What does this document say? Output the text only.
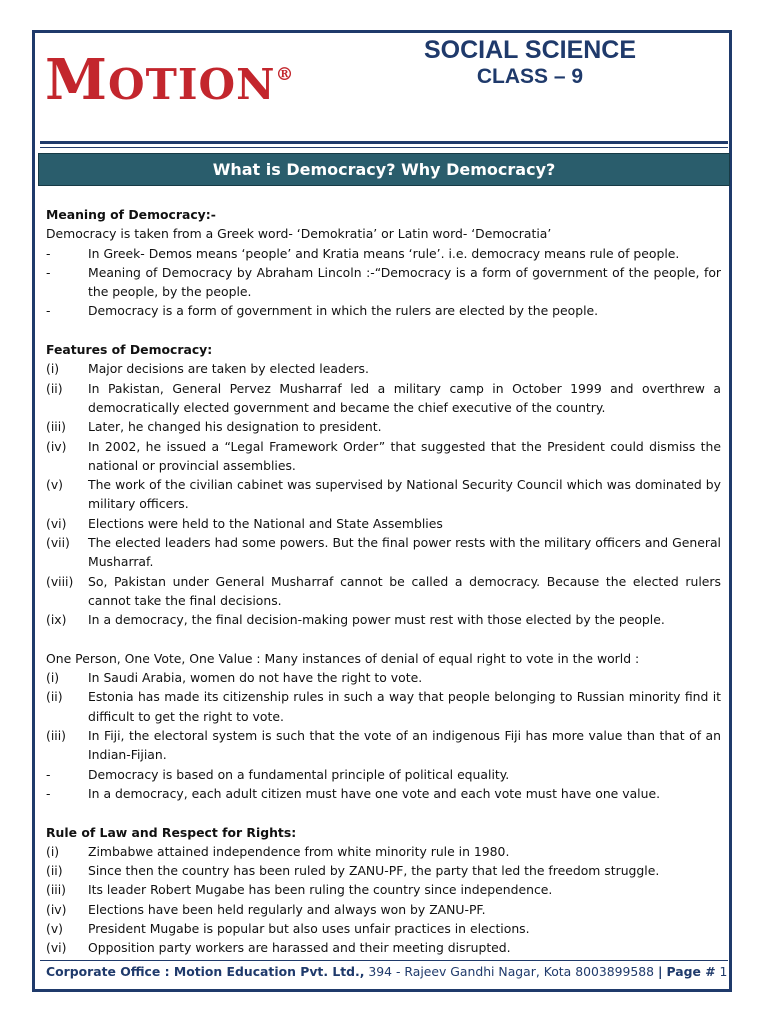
MOTION®
SOCIAL SCIENCE
CLASS – 9
What is Democracy? Why Democracy?
Meaning of Democracy:-
Democracy is taken from a Greek word- ‘Demokratia’ or Latin word- ‘Democratia’
-	In Greek- Demos means ‘people’ and Kratia means ‘rule’. i.e. democracy means rule of people.
-	Meaning of Democracy by Abraham Lincoln :-“Democracy is a form of government of the people, for the people, by the people.
-	Democracy is a form of government in which the rulers are elected by the people.
Features of Democracy:
(i)	Major decisions are taken by elected leaders.
(ii)	In Pakistan, General Pervez Musharraf led a military camp in October 1999 and overthrew a democratically elected government and became the chief executive of the country.
(iii)	Later, he changed his designation to president.
(iv)	In 2002, he issued a “Legal Framework Order” that suggested that the President could dismiss the national or provincial assemblies.
(v)	The work of the civilian cabinet was supervised by National Security Council which was dominated by military officers.
(vi)	Elections were held to the National and State Assemblies
(vii)	The elected leaders had some powers. But the final power rests with the military officers and General Musharraf.
(viii)	So, Pakistan under General Musharraf cannot be called a democracy. Because the elected rulers cannot take the final decisions.
(ix)	In a democracy, the final decision-making power must rest with those elected by the people.
One Person, One Vote, One Value : Many instances of denial of equal right to vote in the world :
(i)	In Saudi Arabia, women do not have the right to vote.
(ii)	Estonia has made its citizenship rules in such a way that people belonging to Russian minority find it difficult to get the right to vote.
(iii)	In Fiji, the electoral system is such that the vote of an indigenous Fiji has more value than that of an Indian-Fijian.
-	Democracy is based on a fundamental principle of political equality.
-	In a democracy, each adult citizen must have one vote and each vote must have one value.
Rule of Law and Respect for Rights:
(i)	Zimbabwe attained independence from white minority rule in 1980.
(ii)	Since then the country has been ruled by ZANU-PF, the party that led the freedom struggle.
(iii)	Its leader Robert Mugabe has been ruling the country since independence.
(iv)	Elections have been held regularly and always won by ZANU-PF.
(v)	President Mugabe is popular but also uses unfair practices in elections.
(vi)	Opposition party workers are harassed and their meeting disrupted.
Corporate Office : Motion Education Pvt. Ltd., 394 - Rajeev Gandhi Nagar, Kota 8003899588 | Page # 1
